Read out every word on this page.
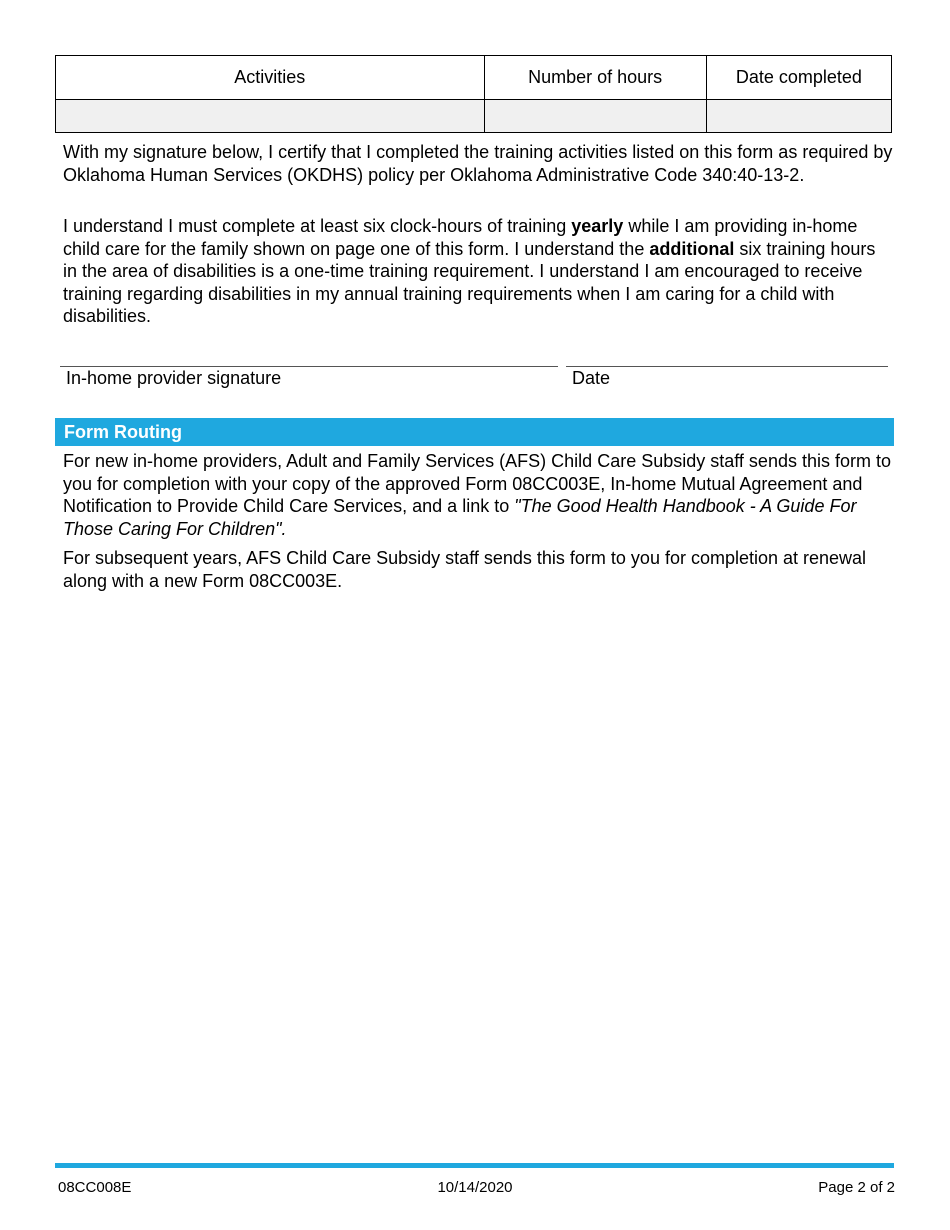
Activities	Number of hours	Date completed

With my signature below, I certify that I completed the training activities listed on this form as required by Oklahoma Human Services (OKDHS) policy per Oklahoma Administrative Code 340:40-13-2.

I understand I must complete at least six clock-hours of training yearly while I am providing in-home child care for the family shown on page one of this form. I understand the additional six training hours in the area of disabilities is a one-time training requirement. I understand I am encouraged to receive training regarding disabilities in my annual training requirements when I am caring for a child with disabilities.

In-home provider signature	Date
Form Routing

For new in-home providers, Adult and Family Services (AFS) Child Care Subsidy staff sends this form to you for completion with your copy of the approved Form 08CC003E, In-home Mutual Agreement and Notification to Provide Child Care Services, and a link to "The Good Health Handbook - A Guide For Those Caring For Children".

For subsequent years, AFS Child Care Subsidy staff sends this form to you for completion at renewal along with a new Form 08CC003E.

08CC008E	10/14/2020	Page 2 of 2
